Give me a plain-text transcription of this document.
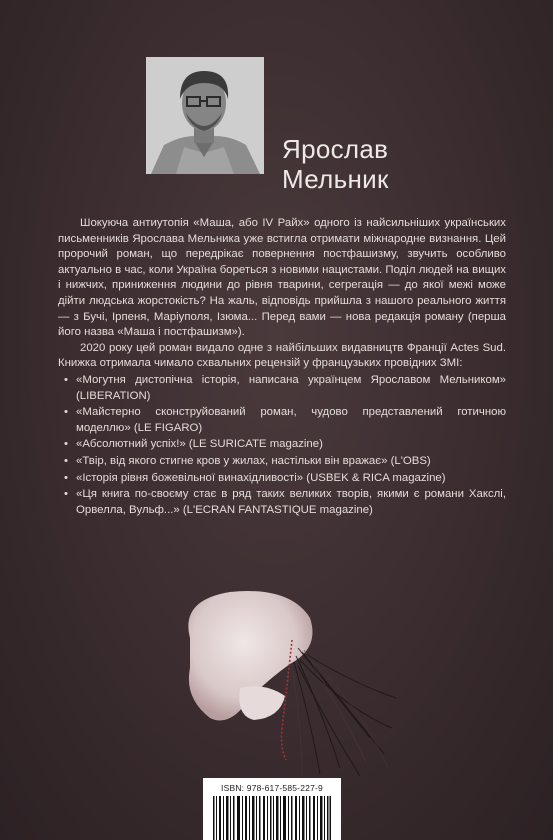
Ярослав
Мельник

Шокуюча антиутопія «Маша, або IV Райх» одного із найсильніших українських письменників Ярослава Мельника уже встигла отримати міжнародне визнання. Цей пророчий роман, що передрікає повернення постфашизму, звучить особливо актуально в час, коли Україна бореться з новими нацистами. Поділ людей на вищих і нижчих, приниження людини до рівня тварини, сегрегація — до якої межі може дійти людська жорстокість? На жаль, відповідь прийшла з нашого реального життя — з Бучі, Ірпеня, Маріуполя, Ізюма... Перед вами — нова редакція роману (перша його назва «Маша і постфашизм»).

2020 року цей роман видало одне з найбільших видавництв Франції Actes Sud. Книжка отримала чимало схвальних рецензій у французьких провідних ЗМІ:

• «Могутня дистопічна історія, написана українцем Ярославом Мельником» (LIBERATION)
• «Майстерно сконструйований роман, чудово представлений готичною моделлю» (LE FIGARO)
• «Абсолютний успіх!» (LE SURICATE magazine)
• «Твір, від якого стигне кров у жилах, настільки він вражає» (L'OBS)
• «Історія рівня божевільної винахідливості» (USBEK & RICA magazine)
• «Ця книга по-своєму стає в ряд таких великих творів, якими є романи Хакслі, Орвелла, Вульф...» (L'ECRAN FANTASTIQUE magazine)
ISBN: 978-617-585-227-9
